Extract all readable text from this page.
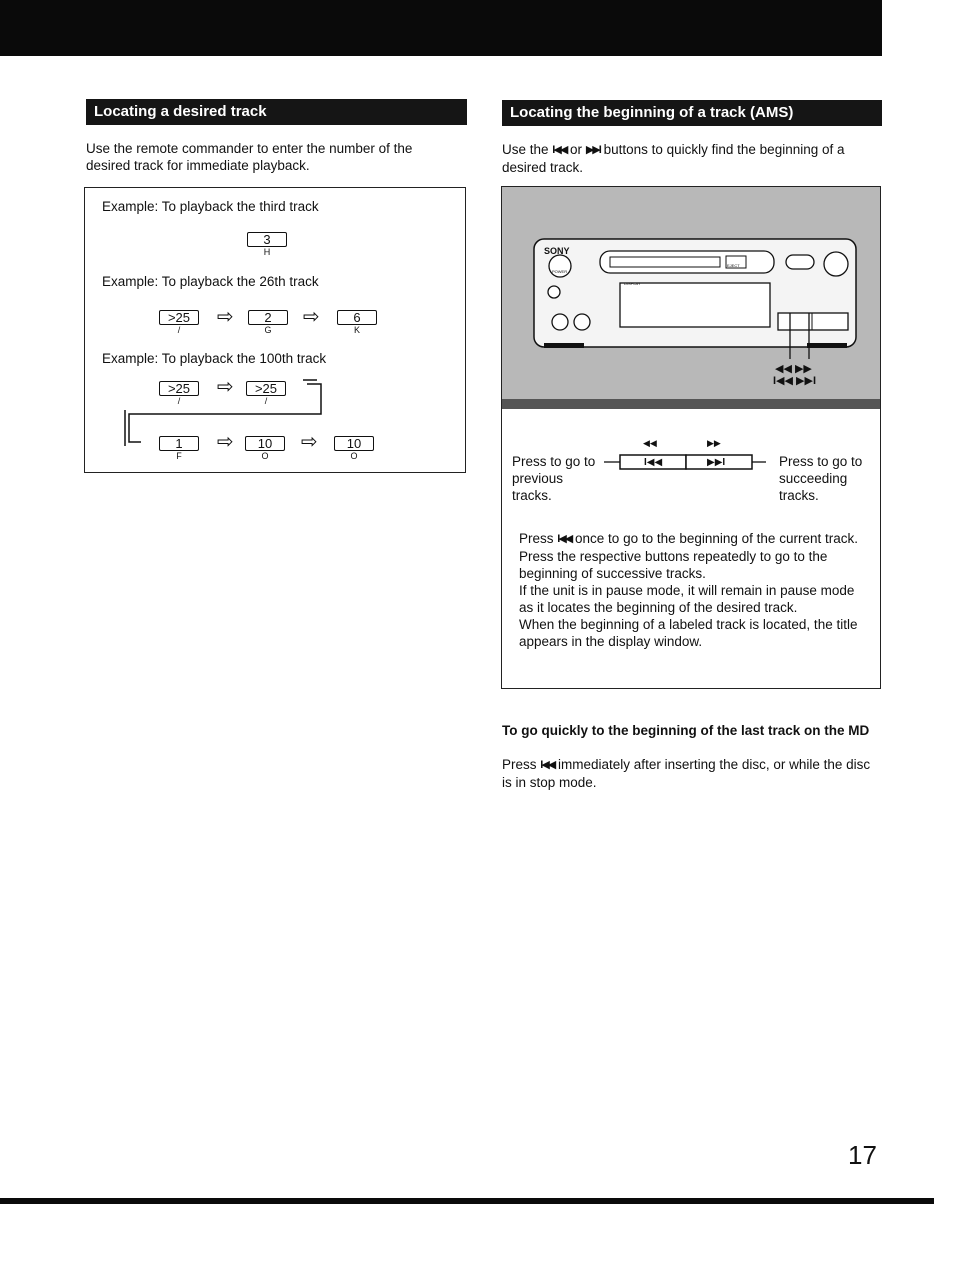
Locating a desired track
Use the remote commander to enter the number of the desired track for immediate playback.
Example: To playback the third track
3
H
Example: To playback the 26th track
>25
/
⇨	2
G
⇨	6
K
Example: To playback the 100th track
>25
/
⇨	>25
/
1
F
⇨	10
O
⇨	10
O
Locating the beginning of a track (AMS)
Use the I◀◀ or ▶▶I buttons to quickly find the beginning of a desired track.
SONY
POWER
EJECT
DISPLAY
◀◀ ▶▶
I◀◀ ▶▶I
Press to go to previous tracks.
Press to go to succeeding tracks.
◀◀	▶▶
I◀◀	▶▶I
Press I◀◀ once to go to the beginning of the current track.
Press the respective buttons repeatedly to go to the beginning of successive tracks.
If the unit is in pause mode, it will remain in pause mode as it locates the beginning of the desired track.
When the beginning of a labeled track is located, the title appears in the display window.
To go quickly to the beginning of the last track on the MD
Press I◀◀ immediately after inserting the disc, or while the disc is in stop mode.
17
